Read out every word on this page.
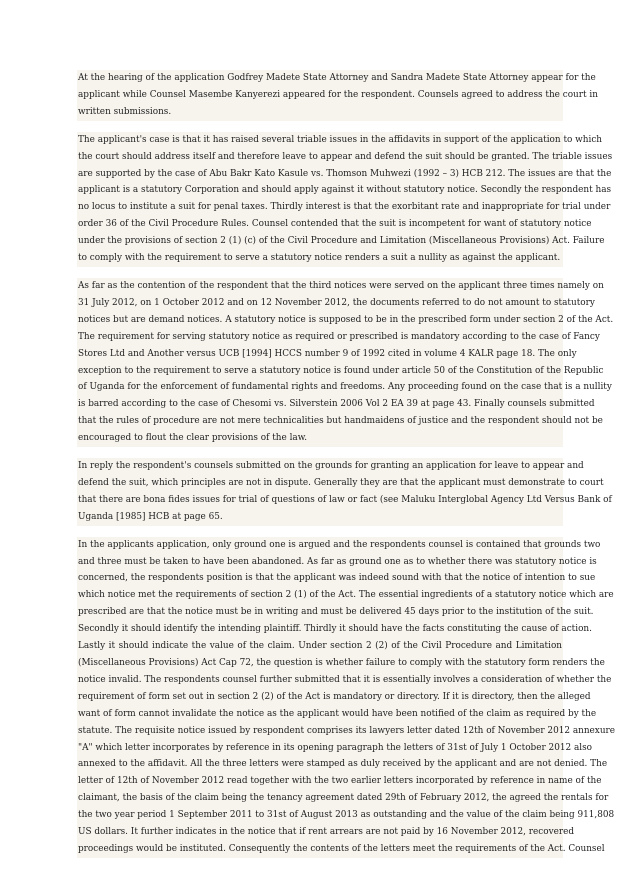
At the hearing of the application Godfrey Madete State Attorney and Sandra Madete State Attorney appear for the
applicant while Counsel Masembe Kanyerezi appeared for the respondent. Counsels agreed to address the court in
written submissions.

The applicant's case is that it has raised several triable issues in the affidavits in support of the application to which
the court should address itself and therefore leave to appear and defend the suit should be granted. The triable issues
are supported by the case of Abu Bakr Kato Kasule vs. Thomson Muhwezi (1992 – 3) HCB 212. The issues are that the
applicant is a statutory Corporation and should apply against it without statutory notice. Secondly the respondent has
no locus to institute a suit for penal taxes. Thirdly interest is that the exorbitant rate and inappropriate for trial under
order 36 of the Civil Procedure Rules. Counsel contended that the suit is incompetent for want of statutory notice
under the provisions of section 2 (1) (c) of the Civil Procedure and Limitation (Miscellaneous Provisions) Act. Failure
to comply with the requirement to serve a statutory notice renders a suit a nullity as against the applicant.

As far as the contention of the respondent that the third notices were served on the applicant three times namely on
31 July 2012, on 1 October 2012 and on 12 November 2012, the documents referred to do not amount to statutory
notices but are demand notices. A statutory notice is supposed to be in the prescribed form under section 2 of the Act.
The requirement for serving statutory notice as required or prescribed is mandatory according to the case of Fancy
Stores Ltd and Another versus UCB [1994] HCCS number 9 of 1992 cited in volume 4 KALR page 18. The only
exception to the requirement to serve a statutory notice is found under article 50 of the Constitution of the Republic
of Uganda for the enforcement of fundamental rights and freedoms. Any proceeding found on the case that is a nullity
is barred according to the case of Chesomi vs. Silverstein 2006 Vol 2 EA 39 at page 43. Finally counsels submitted
that the rules of procedure are not mere technicalities but handmaidens of justice and the respondent should not be
encouraged to flout the clear provisions of the law.

In reply the respondent's counsels submitted on the grounds for granting an application for leave to appear and
defend the suit, which principles are not in dispute. Generally they are that the applicant must demonstrate to court
that there are bona fides issues for trial of questions of law or fact (see Maluku Interglobal Agency Ltd Versus Bank of
Uganda [1985] HCB at page 65.

In the applicants application, only ground one is argued and the respondents counsel is contained that grounds two
and three must be taken to have been abandoned. As far as ground one as to whether there was statutory notice is
concerned, the respondents position is that the applicant was indeed sound with that the notice of intention to sue
which notice met the requirements of section 2 (1) of the Act. The essential ingredients of a statutory notice which are
prescribed are that the notice must be in writing and must be delivered 45 days prior to the institution of the suit.
Secondly it should identify the intending plaintiff. Thirdly it should have the facts constituting the cause of action.
Lastly it should indicate the value of the claim. Under section 2 (2) of the Civil Procedure and Limitation
(Miscellaneous Provisions) Act Cap 72, the question is whether failure to comply with the statutory form renders the
notice invalid. The respondents counsel further submitted that it is essentially involves a consideration of whether the
requirement of form set out in section 2 (2) of the Act is mandatory or directory. If it is directory, then the alleged
want of form cannot invalidate the notice as the applicant would have been notified of the claim as required by the
statute. The requisite notice issued by respondent comprises its lawyers letter dated 12th of November 2012 annexure
"A" which letter incorporates by reference in its opening paragraph the letters of 31st of July 1 October 2012 also
annexed to the affidavit. All the three letters were stamped as duly received by the applicant and are not denied. The
letter of 12th of November 2012 read together with the two earlier letters incorporated by reference in name of the
claimant, the basis of the claim being the tenancy agreement dated 29th of February 2012, the agreed the rentals for
the two year period 1 September 2011 to 31st of August 2013 as outstanding and the value of the claim being 911,808
US dollars. It further indicates in the notice that if rent arrears are not paid by 16 November 2012, recovered
proceedings would be instituted. Consequently the contents of the letters meet the requirements of the Act. Counsel
